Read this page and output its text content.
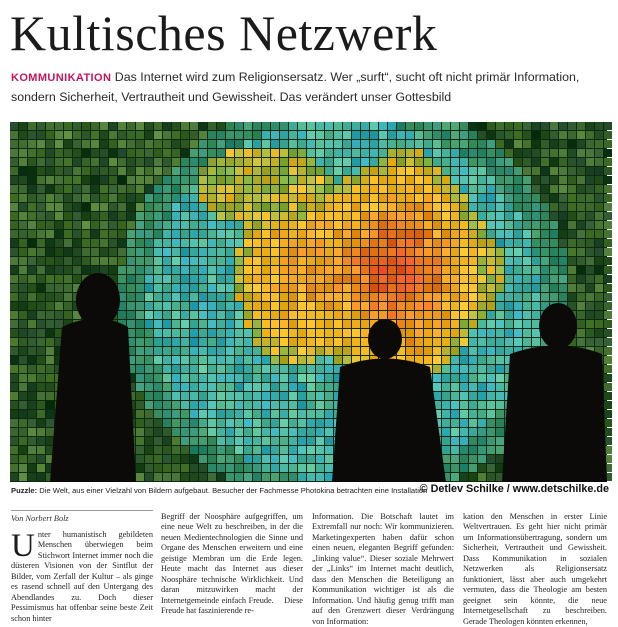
Kultisches Netzwerk
KOMMUNIKATION Das Internet wird zum Religionsersatz. Wer „surft“, sucht oft nicht primär Information, sondern Sicherheit, Vertrautheit und Gewissheit. Das verändert unser Gottesbild
Puzzle: Die Welt, aus einer Vielzahl von Bildern aufgebaut. Besucher der Fachmesse Photokina betrachten eine Installation
© Detlev Schilke / www.detschilke.de
Von Norbert Bolz

Unter humanistisch gebildeten Menschen überwiegen beim Stichwort Internet immer noch die düsteren Visionen von der Sintflut der Bilder, vom Zerfall der Kultur – als ginge es rasend schnell auf den Untergang des Abendlandes zu. Doch dieser Pessimismus hat offenbar seine beste Zeit schon hinter

Begriff der Noosphäre aufgegriffen, um eine neue Welt zu beschreiben, in der die neuen Medientechnologien die Sinne und Organe des Menschen erweitern und eine geistige Membran um die Erde legen. Heute macht das Internet aus dieser Noosphäre technische Wirklichkeit. Und daran mitzuwirken macht der Internetgemeinde einfach Freude.    Diese Freude hat faszinierende re-

Information. Die Botschaft lautet im Extremfall nur noch: Wir kommunizieren. Marketingexperten haben dafür schon einen neuen, eleganten Begriff gefunden: „linking value“. Dieser soziale Mehrwert der „Links“ im Internet macht deutlich, dass den Menschen die Beteiligung an Kommunikation wichtiger ist als die Information. Und häufig genug trifft man auf den Grenzwert dieser Verdrängung von Information:

kation den Menschen in erster Linie Weltvertrauen. Es geht hier nicht primär um Informationsübertragung, sondern um Sicherheit, Vertrautheit und Gewissheit. Dass Kommunikation in sozialen Netzwerken als Religionsersatz funktioniert, lässt aber auch umgekehrt vermuten, dass die Theologie am besten geeignet sein könnte, die neue Internetgesellschaft zu beschreiben. Gerade Theologen könnten erkennen,
